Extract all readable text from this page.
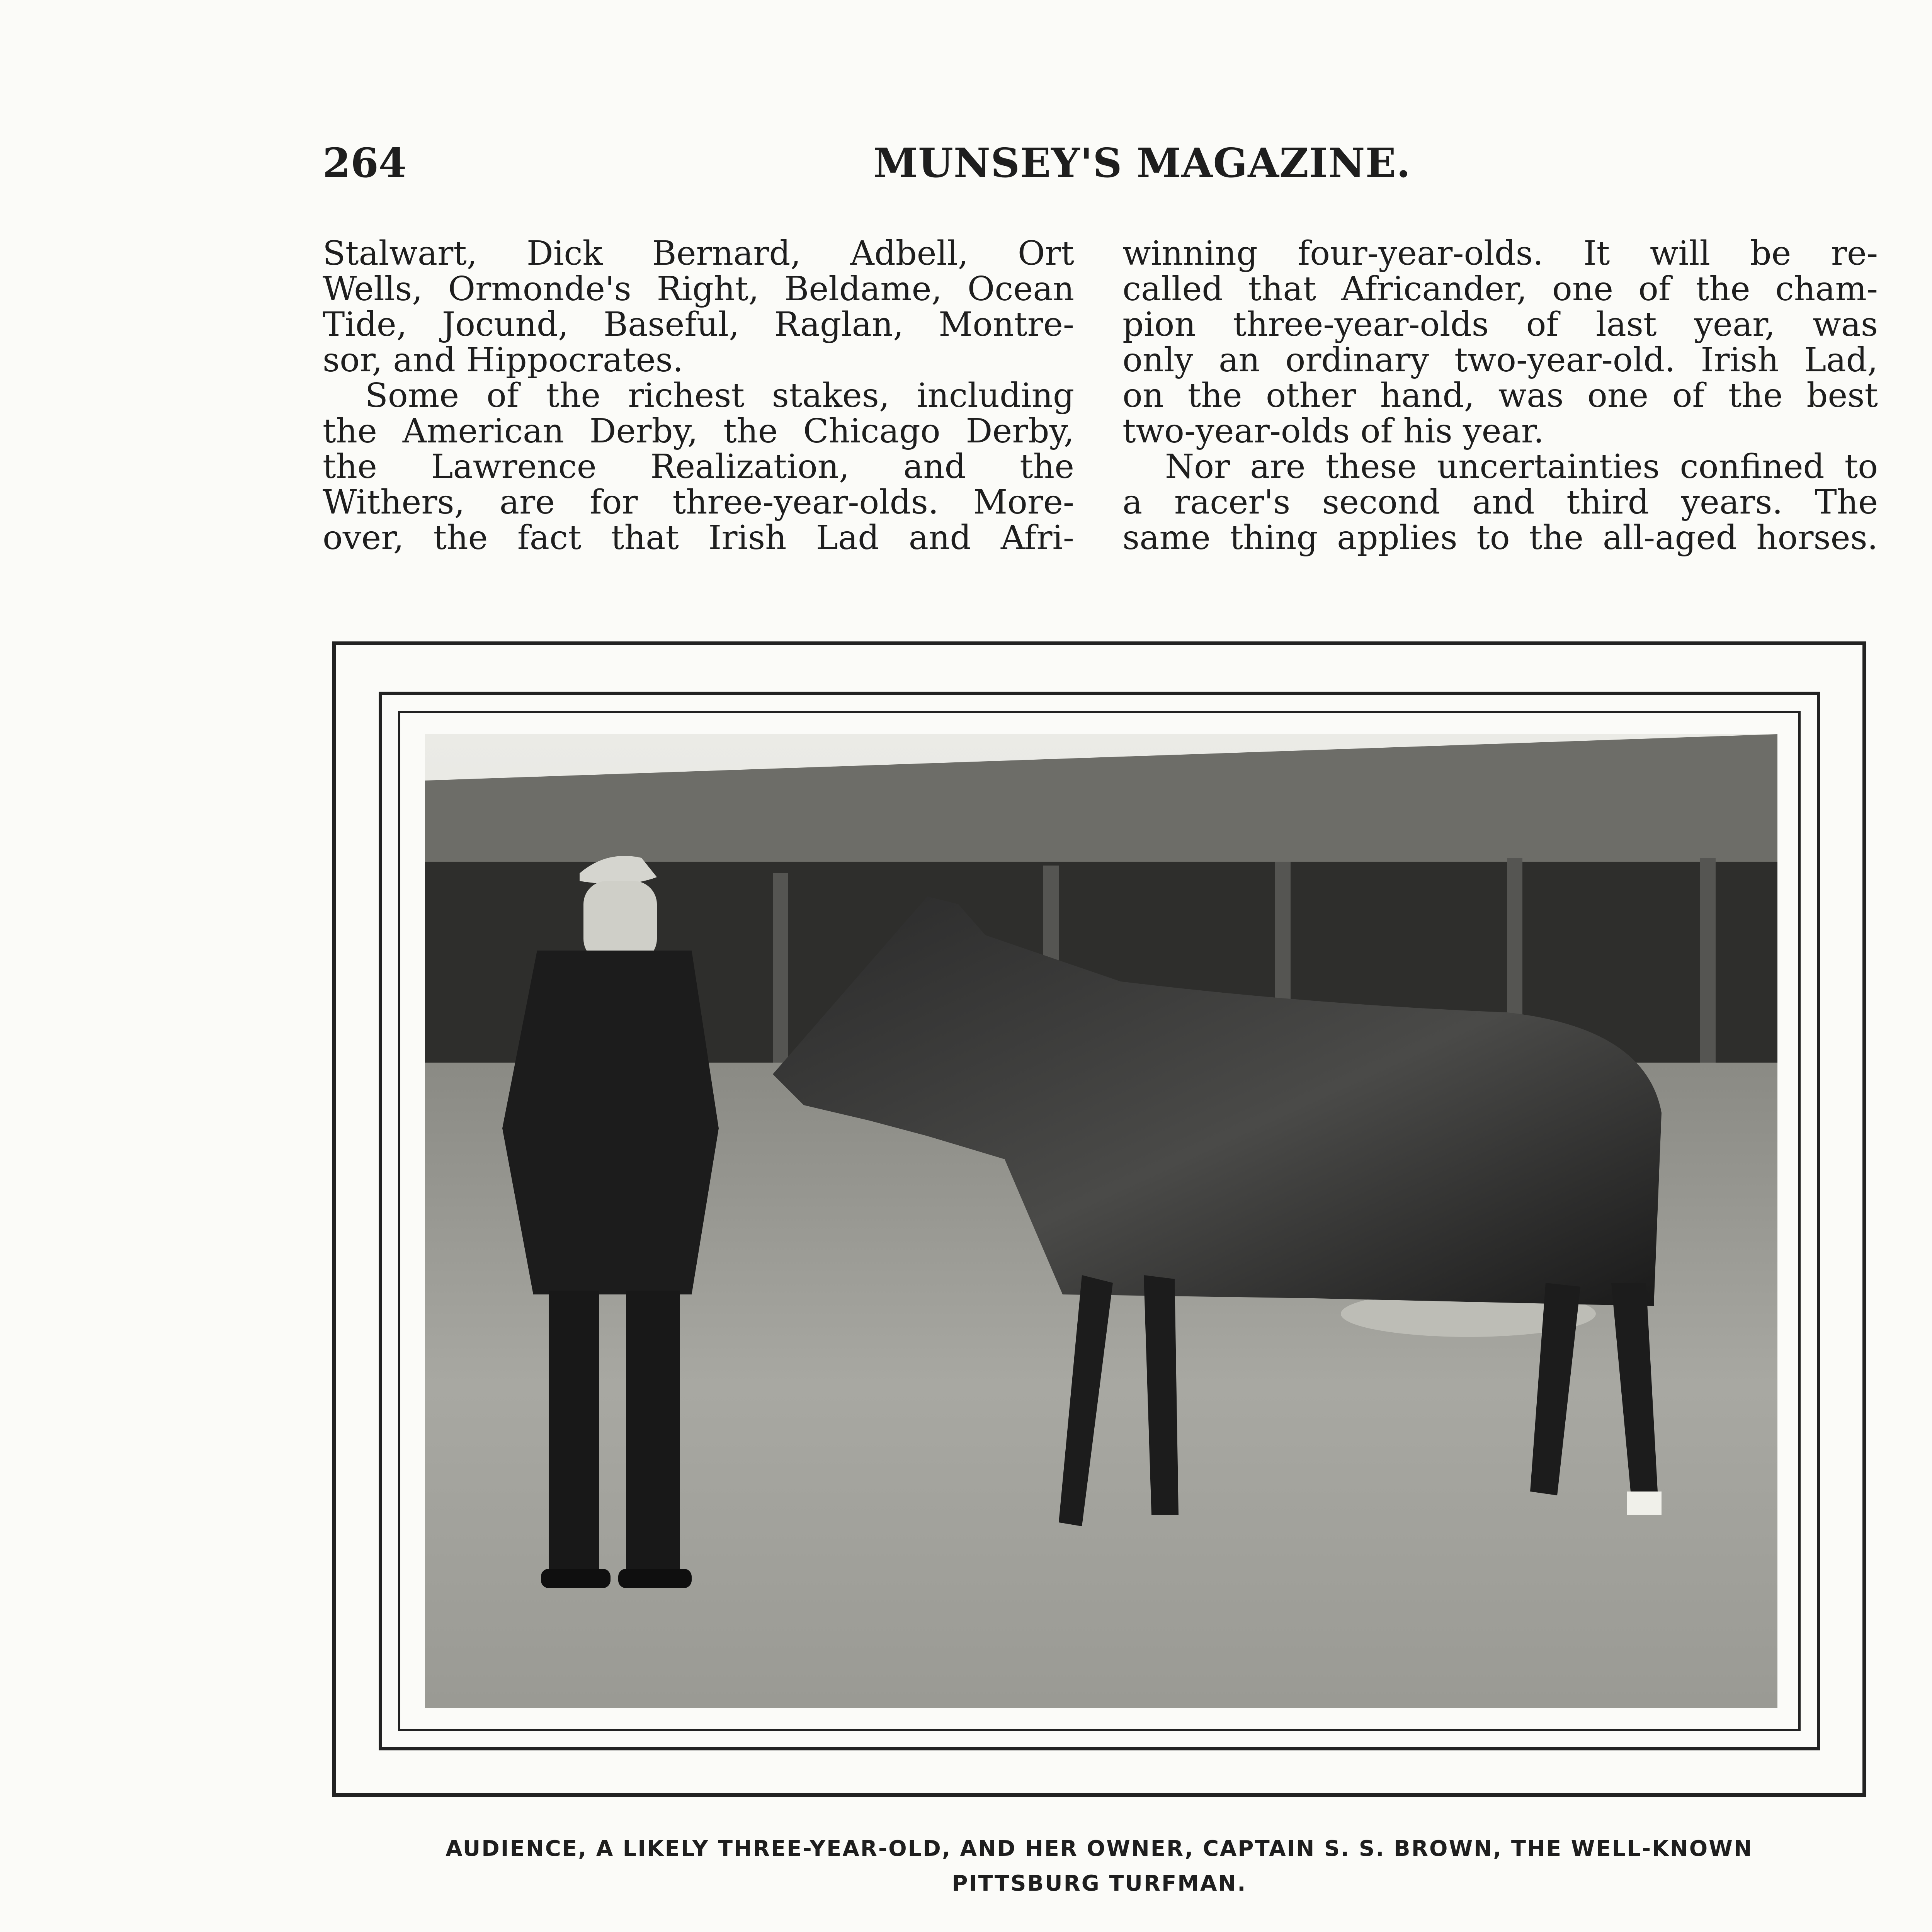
264	MUNSEY'S MAGAZINE.
Stalwart, Dick Bernard, Adbell, Ort
Wells, Ormonde's Right, Beldame, Ocean
Tide, Jocund, Baseful, Raglan, Montre-
sor, and Hippocrates.
Some of the richest stakes, including
the American Derby, the Chicago Derby,
the Lawrence Realization, and the
Withers, are for three-year-olds. More-
over, the fact that Irish Lad and Afri-
winning four-year-olds. It will be re-
called that Africander, one of the cham-
pion three-year-olds of last year, was
only an ordinary two-year-old. Irish Lad,
on the other hand, was one of the best
two-year-olds of his year.
Nor are these uncertainties confined to
a racer's second and third years. The
same thing applies to the all-aged horses.
AUDIENCE, A LIKELY THREE-YEAR-OLD, AND HER OWNER, CAPTAIN S. S. BROWN, THE WELL-KNOWN
PITTSBURG TURFMAN.
